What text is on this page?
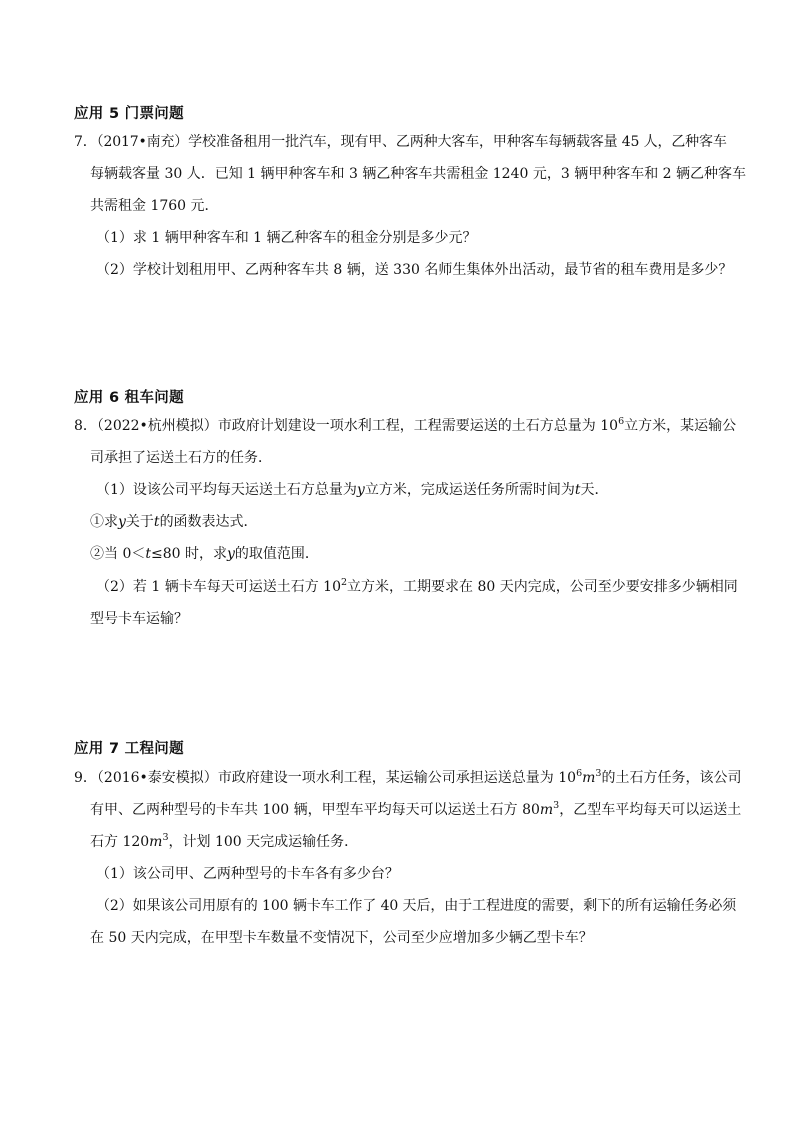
应用 5 门票问题
7．（2017•南充）学校准备租用一批汽车，现有甲、乙两种大客车，甲种客车每辆载客量 45 人，乙种客车
每辆载客量 30 人．已知 1 辆甲种客车和 3 辆乙种客车共需租金 1240 元，3 辆甲种客车和 2 辆乙种客车
共需租金 1760 元．
（1）求 1 辆甲种客车和 1 辆乙种客车的租金分别是多少元？
（2）学校计划租用甲、乙两种客车共 8 辆，送 330 名师生集体外出活动，最节省的租车费用是多少？
应用 6 租车问题
8．（2022•杭州模拟）市政府计划建设一项水利工程，工程需要运送的土石方总量为 $10^6$立方米，某运输公
司承担了运送土石方的任务．
（1）设该公司平均每天运送土石方总量为y立方米，完成运送任务所需时间为t天．
①求y关于t的函数表达式．
②当 0＜t≤80 时，求y的取值范围．
（2）若 1 辆卡车每天可运送土石方 $10^2$立方米，工期要求在 80 天内完成，公司至少要安排多少辆相同
型号卡车运输？
应用 7 工程问题
9．（2016•泰安模拟）市政府建设一项水利工程，某运输公司承担运送总量为 $10^6m^3$的土石方任务，该公司
有甲、乙两种型号的卡车共 100 辆，甲型车平均每天可以运送土石方 $80m^3$，乙型车平均每天可以运送土
石方 $120m^3$，计划 100 天完成运输任务．
（1）该公司甲、乙两种型号的卡车各有多少台？
（2）如果该公司用原有的 100 辆卡车工作了 40 天后，由于工程进度的需要，剩下的所有运输任务必须
在 50 天内完成，在甲型卡车数量不变情况下，公司至少应增加多少辆乙型卡车？
